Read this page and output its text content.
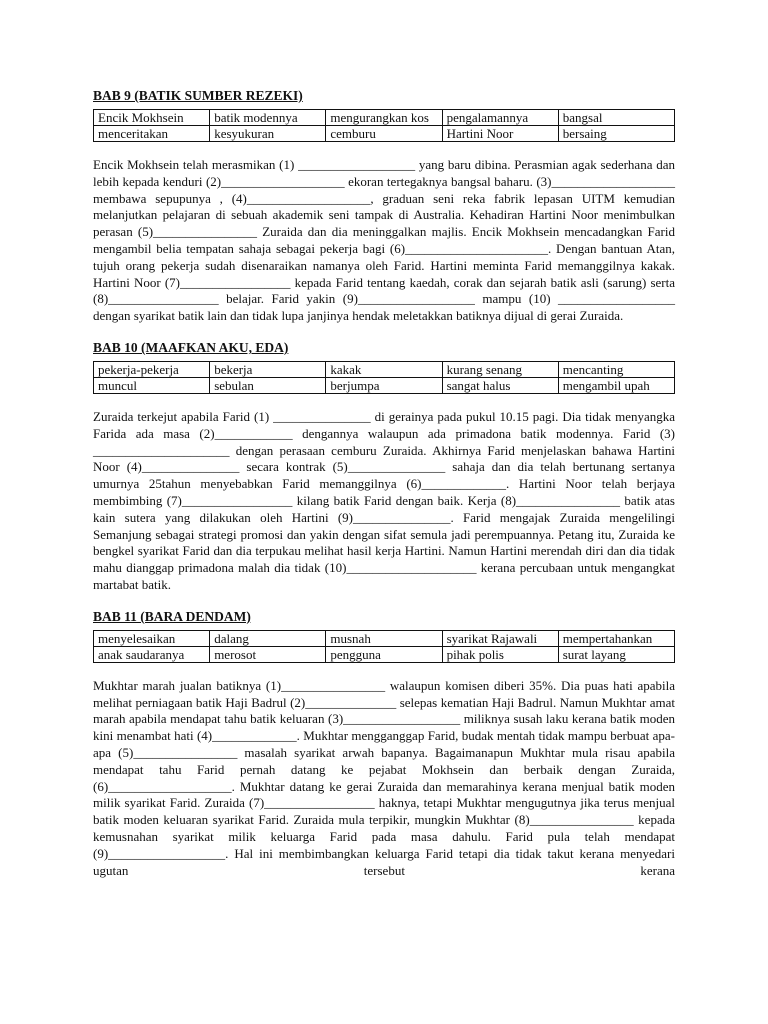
BAB 9 (BATIK SUMBER REZEKI)
Encik Mokhsein	batik modennya	mengurangkan kos	pengalamannya	bangsal
menceritakan	kesyukuran	cemburu	Hartini Noor	bersaing

Encik Mokhsein telah merasmikan (1) __________________ yang baru dibina. Perasmian agak sederhana dan lebih kepada kenduri (2)___________________ ekoran tertegaknya bangsal baharu. (3)___________________ membawa sepupunya , (4)___________________, graduan seni reka fabrik lepasan UITM kemudian melanjutkan pelajaran di sebuah akademik seni tampak di Australia. Kehadiran Hartini Noor menimbulkan perasan (5)________________ Zuraida dan dia meninggalkan majlis. Encik Mokhsein mencadangkan Farid mengambil belia tempatan sahaja sebagai pekerja bagi (6)______________________. Dengan bantuan Atan, tujuh orang pekerja sudah disenaraikan namanya oleh Farid. Hartini meminta Farid memanggilnya kakak. Hartini Noor (7)_________________ kepada Farid tentang kaedah, corak dan sejarah batik asli (sarung) serta (8)_________________ belajar. Farid yakin (9)__________________ mampu (10) __________________ dengan syarikat batik lain dan tidak lupa janjinya hendak meletakkan batiknya dijual di gerai Zuraida.

BAB 10 (MAAFKAN AKU, EDA)
pekerja-pekerja	bekerja	kakak	kurang senang	mencanting
muncul	sebulan	berjumpa	sangat halus	mengambil upah

Zuraida terkejut apabila Farid (1) _______________ di gerainya pada pukul 10.15 pagi. Dia tidak menyangka Farida ada masa (2)____________ dengannya walaupun ada primadona batik modennya. Farid (3) _____________________ dengan perasaan cemburu Zuraida. Akhirnya Farid menjelaskan bahawa Hartini Noor (4)_______________ secara kontrak (5)_______________ sahaja dan dia telah bertunang sertanya umurnya 25tahun menyebabkan Farid memanggilnya (6)_____________. Hartini Noor telah berjaya membimbing (7)_________________ kilang batik Farid dengan baik. Kerja (8)________________ batik atas kain sutera yang dilakukan oleh Hartini (9)_______________. Farid mengajak Zuraida mengelilingi Semanjung sebagai strategi promosi dan yakin dengan sifat semula jadi perempuannya. Petang itu, Zuraida ke bengkel syarikat Farid dan dia terpukau melihat hasil kerja Hartini. Namun Hartini merendah diri dan dia tidak mahu dianggap primadona malah dia tidak (10)____________________ kerana percubaan untuk mengangkat martabat batik.

BAB 11 (BARA DENDAM)
menyelesaikan	dalang	musnah	syarikat Rajawali	mempertahankan
anak saudaranya	merosot	pengguna	pihak polis	surat layang

Mukhtar marah jualan batiknya (1)________________ walaupun komisen diberi 35%. Dia puas hati apabila melihat perniagaan batik Haji Badrul (2)______________ selepas kematian Haji Badrul. Namun Mukhtar amat marah apabila mendapat tahu batik keluaran (3)__________________ miliknya susah laku kerana batik moden kini menambat hati (4)_____________. Mukhtar mengganggap Farid, budak mentah tidak mampu berbuat apa-apa (5)________________ masalah syarikat arwah bapanya. Bagaimanapun Mukhtar mula risau apabila mendapat tahu Farid pernah datang ke pejabat Mokhsein dan berbaik dengan Zuraida, (6)___________________. Mukhtar datang ke gerai Zuraida dan memarahinya kerana menjual batik moden milik syarikat Farid. Zuraida (7)_________________ haknya, tetapi Mukhtar mengugutnya jika terus menjual batik moden keluaran syarikat Farid. Zuraida mula terpikir, mungkin Mukhtar (8)________________ kepada kemusnahan syarikat milik keluarga Farid pada masa dahulu. Farid pula telah mendapat (9)__________________. Hal ini membimbangkan keluarga Farid tetapi dia tidak takut kerana menyedari ugutan tersebut kerana
